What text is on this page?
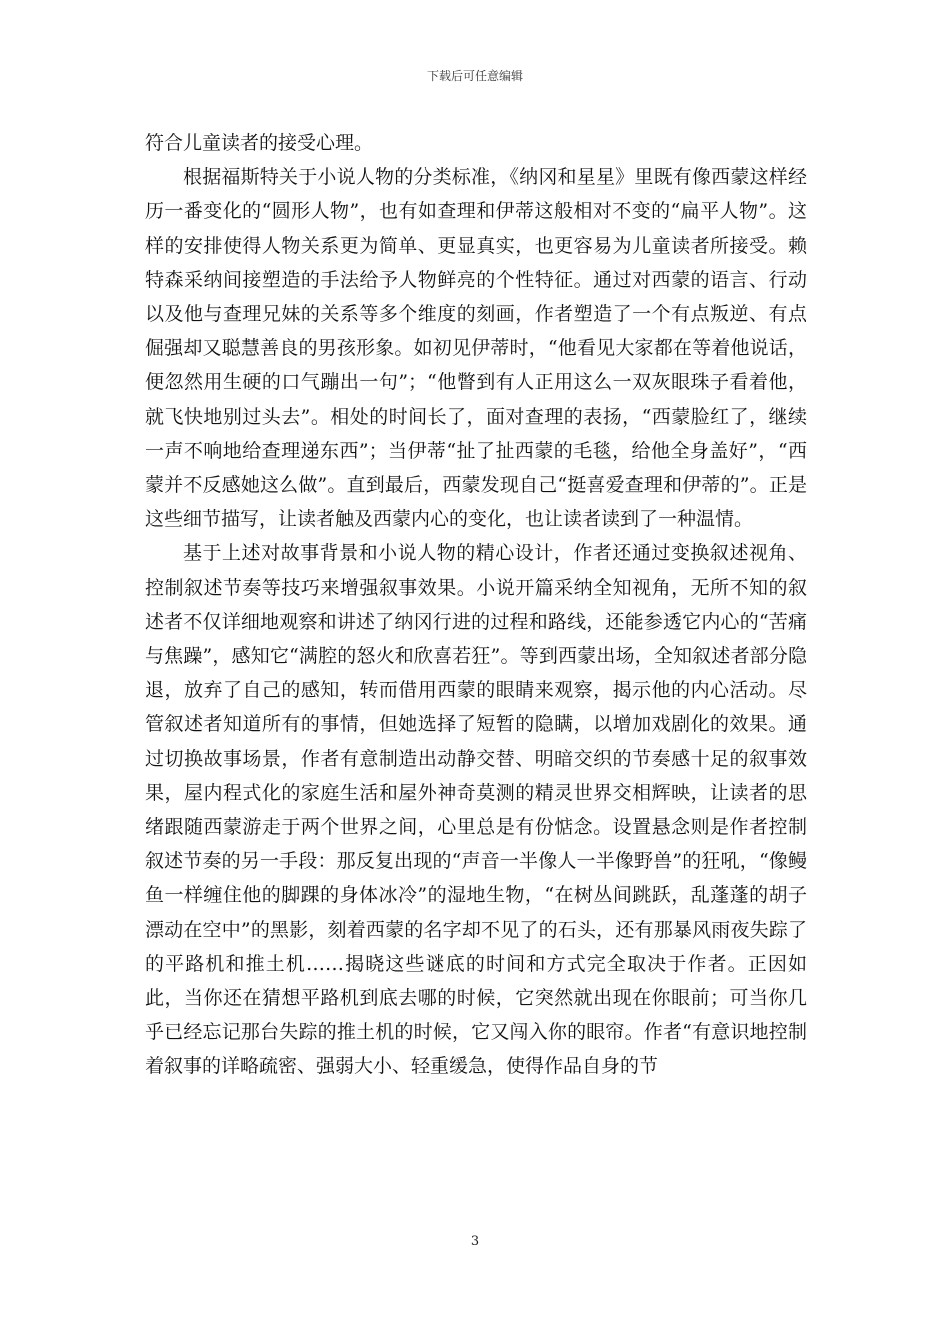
下载后可任意编辑

符合儿童读者的接受心理。

根据福斯特关于小说人物的分类标准，《纳冈和星星》里既有像西蒙这样经历一番变化的“圆形人物”，也有如查理和伊蒂这般相对不变的“扁平人物”。这样的安排使得人物关系更为简单、更显真实，也更容易为儿童读者所接受。赖特森采纳间接塑造的手法给予人物鲜亮的个性特征。通过对西蒙的语言、行动以及他与查理兄妹的关系等多个维度的刻画，作者塑造了一个有点叛逆、有点倔强却又聪慧善良的男孩形象。如初见伊蒂时，“他看见大家都在等着他说话，便忽然用生硬的口气蹦出一句”；“他瞥到有人正用这么一双灰眼珠子看着他，就飞快地别过头去”。相处的时间长了，面对查理的表扬，“西蒙脸红了，继续一声不响地给查理递东西”；当伊蒂“扯了扯西蒙的毛毯，给他全身盖好”，“西蒙并不反感她这么做”。直到最后，西蒙发现自己“挺喜爱查理和伊蒂的”。正是这些细节描写，让读者触及西蒙内心的变化，也让读者读到了一种温情。

基于上述对故事背景和小说人物的精心设计，作者还通过变换叙述视角、控制叙述节奏等技巧来增强叙事效果。小说开篇采纳全知视角，无所不知的叙述者不仅详细地观察和讲述了纳冈行进的过程和路线，还能参透它内心的“苦痛与焦躁”，感知它“满腔的怒火和欣喜若狂”。等到西蒙出场，全知叙述者部分隐退，放弃了自己的感知，转而借用西蒙的眼睛来观察，揭示他的内心活动。尽管叙述者知道所有的事情，但她选择了短暂的隐瞒，以增加戏剧化的效果。通过切换故事场景，作者有意制造出动静交替、明暗交织的节奏感十足的叙事效果，屋内程式化的家庭生活和屋外神奇莫测的精灵世界交相辉映，让读者的思绪跟随西蒙游走于两个世界之间，心里总是有份惦念。设置悬念则是作者控制叙述节奏的另一手段：那反复出现的“声音一半像人一半像野兽”的狂吼，“像鳗鱼一样缠住他的脚踝的身体冰冷”的湿地生物，“在树丛间跳跃，乱蓬蓬的胡子漂动在空中”的黑影，刻着西蒙的名字却不见了的石头，还有那暴风雨夜失踪了的平路机和推土机……揭晓这些谜底的时间和方式完全取决于作者。正因如此，当你还在猜想平路机到底去哪的时候，它突然就出现在你眼前；可当你几乎已经忘记那台失踪的推土机的时候，它又闯入你的眼帘。作者“有意识地控制着叙事的详略疏密、强弱大小、轻重缓急，使得作品自身的节

3
